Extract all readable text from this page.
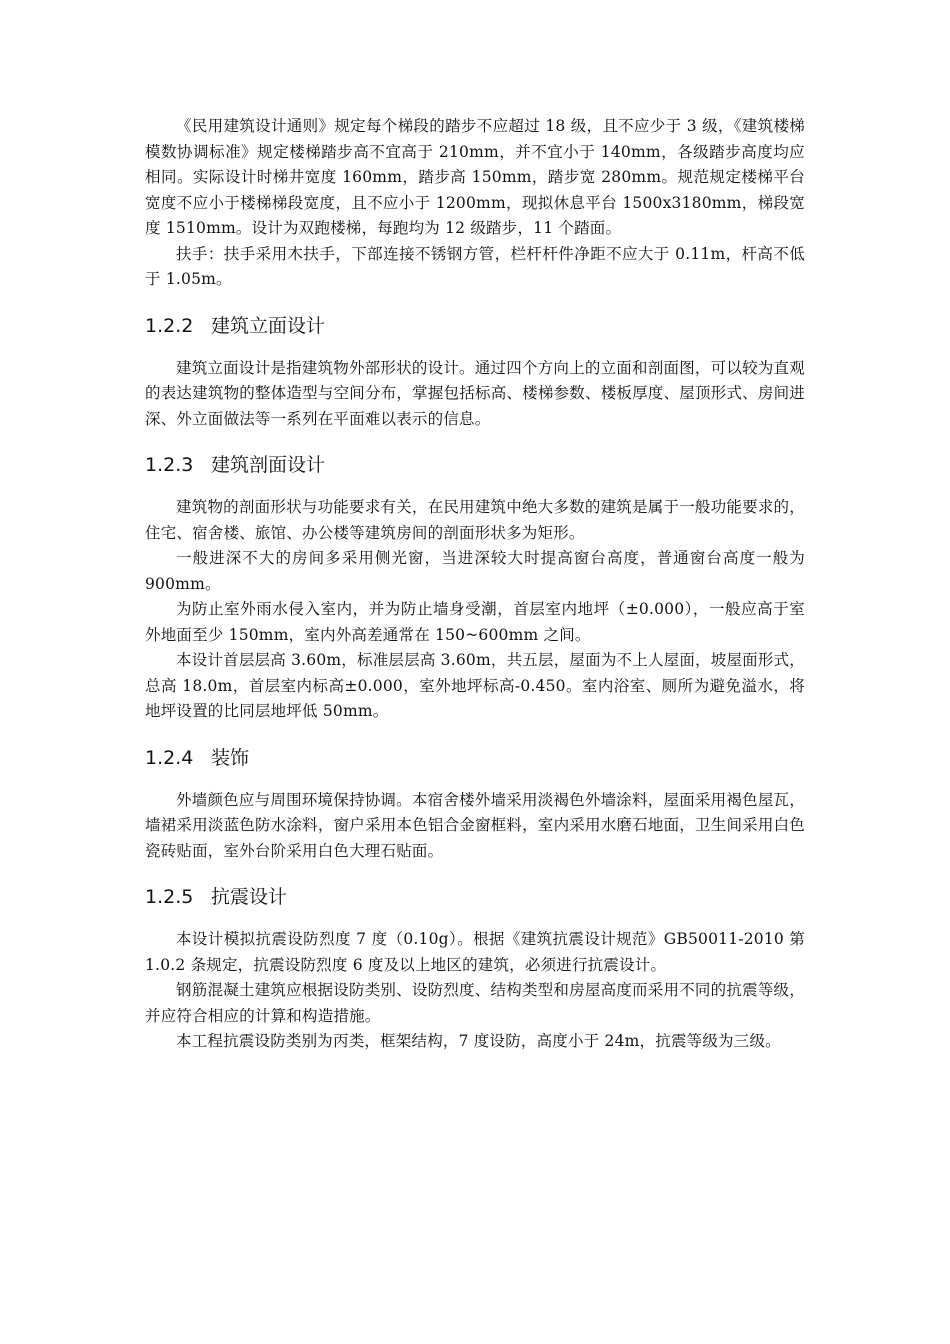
《民用建筑设计通则》规定每个梯段的踏步不应超过 18 级，且不应少于 3 级，《建筑楼梯模数协调标准》规定楼梯踏步高不宜高于 210mm，并不宜小于 140mm，各级踏步高度均应相同。实际设计时梯井宽度 160mm，踏步高 150mm，踏步宽 280mm。规范规定楼梯平台宽度不应小于楼梯梯段宽度，且不应小于 1200mm，现拟休息平台 1500x3180mm，梯段宽度 1510mm。设计为双跑楼梯，每跑均为 12 级踏步，11 个踏面。

扶手：扶手采用木扶手，下部连接不锈钢方管，栏杆杆件净距不应大于 0.11m，杆高不低于 1.05m。

1.2.2 建筑立面设计

建筑立面设计是指建筑物外部形状的设计。通过四个方向上的立面和剖面图，可以较为直观的表达建筑物的整体造型与空间分布，掌握包括标高、楼梯参数、楼板厚度、屋顶形式、房间进深、外立面做法等一系列在平面难以表示的信息。

1.2.3 建筑剖面设计

建筑物的剖面形状与功能要求有关，在民用建筑中绝大多数的建筑是属于一般功能要求的，住宅、宿舍楼、旅馆、办公楼等建筑房间的剖面形状多为矩形。

一般进深不大的房间多采用侧光窗，当进深较大时提高窗台高度，普通窗台高度一般为 900mm。

为防止室外雨水侵入室内，并为防止墙身受潮，首层室内地坪（±0.000），一般应高于室外地面至少 150mm，室内外高差通常在 150~600mm 之间。

本设计首层层高 3.60m，标准层层高 3.60m，共五层，屋面为不上人屋面，坡屋面形式，总高 18.0m，首层室内标高±0.000，室外地坪标高-0.450。室内浴室、厕所为避免溢水，将地坪设置的比同层地坪低 50mm。

1.2.4 装饰

外墙颜色应与周围环境保持协调。本宿舍楼外墙采用淡褐色外墙涂料，屋面采用褐色屋瓦，墙裙采用淡蓝色防水涂料，窗户采用本色铝合金窗框料，室内采用水磨石地面，卫生间采用白色瓷砖贴面，室外台阶采用白色大理石贴面。

1.2.5 抗震设计

本设计模拟抗震设防烈度 7 度（0.10g）。根据《建筑抗震设计规范》GB50011-2010 第 1.0.2 条规定，抗震设防烈度 6 度及以上地区的建筑，必须进行抗震设计。

钢筋混凝土建筑应根据设防类别、设防烈度、结构类型和房屋高度而采用不同的抗震等级，并应符合相应的计算和构造措施。

本工程抗震设防类别为丙类，框架结构，7 度设防，高度小于 24m，抗震等级为三级。
